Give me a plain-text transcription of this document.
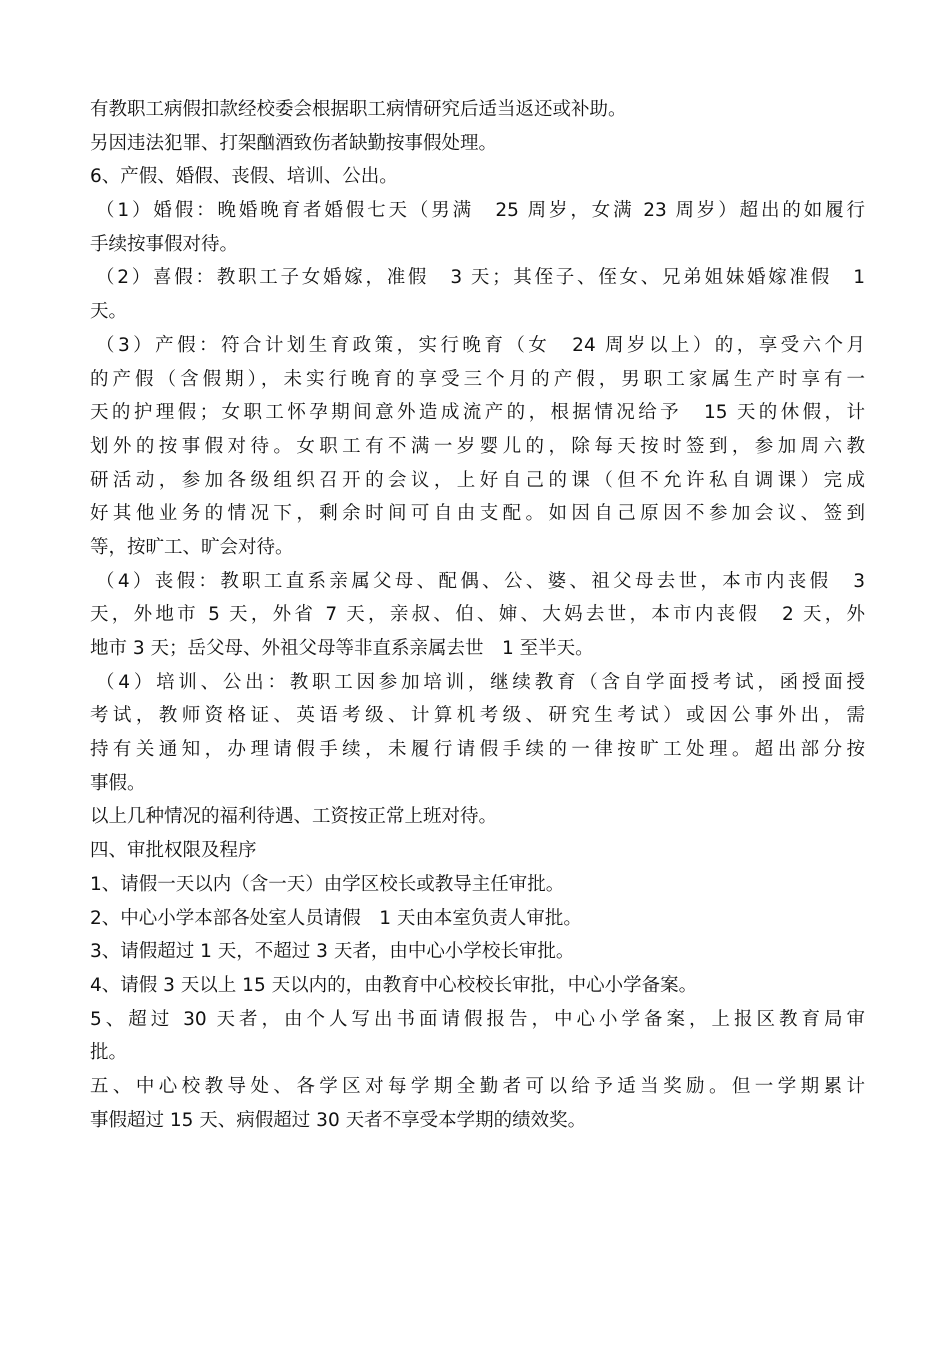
有教职工病假扣款经校委会根据职工病情研究后适当返还或补助。
另因违法犯罪、打架酗酒致伤者缺勤按事假处理。
6、产假、婚假、丧假、培训、公出。
（1）婚假：晚婚晚育者婚假七天（男满　25 周岁，女满 23 周岁）超出的如履行
手续按事假对待。
（2）喜假：教职工子女婚嫁，准假　3 天；其侄子、侄女、兄弟姐妹婚嫁准假　1
天。
（3）产假：符合计划生育政策，实行晚育（女　24 周岁以上）的，享受六个月
的产假（含假期），未实行晚育的享受三个月的产假，男职工家属生产时享有一
天的护理假；女职工怀孕期间意外造成流产的，根据情况给予　15 天的休假，计
划外的按事假对待。女职工有不满一岁婴儿的，除每天按时签到，参加周六教
研活动，参加各级组织召开的会议，上好自己的课（但不允许私自调课）完成
好其他业务的情况下，剩余时间可自由支配。如因自己原因不参加会议、签到
等，按旷工、旷会对待。
（4）丧假：教职工直系亲属父母、配偶、公、婆、祖父母去世，本市内丧假　3
天，外地市 5 天，外省 7 天，亲叔、伯、婶、大妈去世，本市内丧假　2 天，外
地市 3 天；岳父母、外祖父母等非直系亲属去世　1 至半天。
（4）培训、公出：教职工因参加培训，继续教育（含自学面授考试，函授面授
考试，教师资格证、英语考级、计算机考级、研究生考试）或因公事外出，需
持有关通知，办理请假手续，未履行请假手续的一律按旷工处理。超出部分按
事假。
以上几种情况的福利待遇、工资按正常上班对待。
四、审批权限及程序
1、请假一天以内（含一天）由学区校长或教导主任审批。
2、中心小学本部各处室人员请假　1 天由本室负责人审批。
3、请假超过 1 天，不超过 3 天者，由中心小学校长审批。
4、请假 3 天以上 15 天以内的，由教育中心校校长审批，中心小学备案。
5、超过 30 天者，由个人写出书面请假报告，中心小学备案，上报区教育局审
批。
五、中心校教导处、各学区对每学期全勤者可以给予适当奖励。但一学期累计
事假超过 15 天、病假超过 30 天者不享受本学期的绩效奖。
